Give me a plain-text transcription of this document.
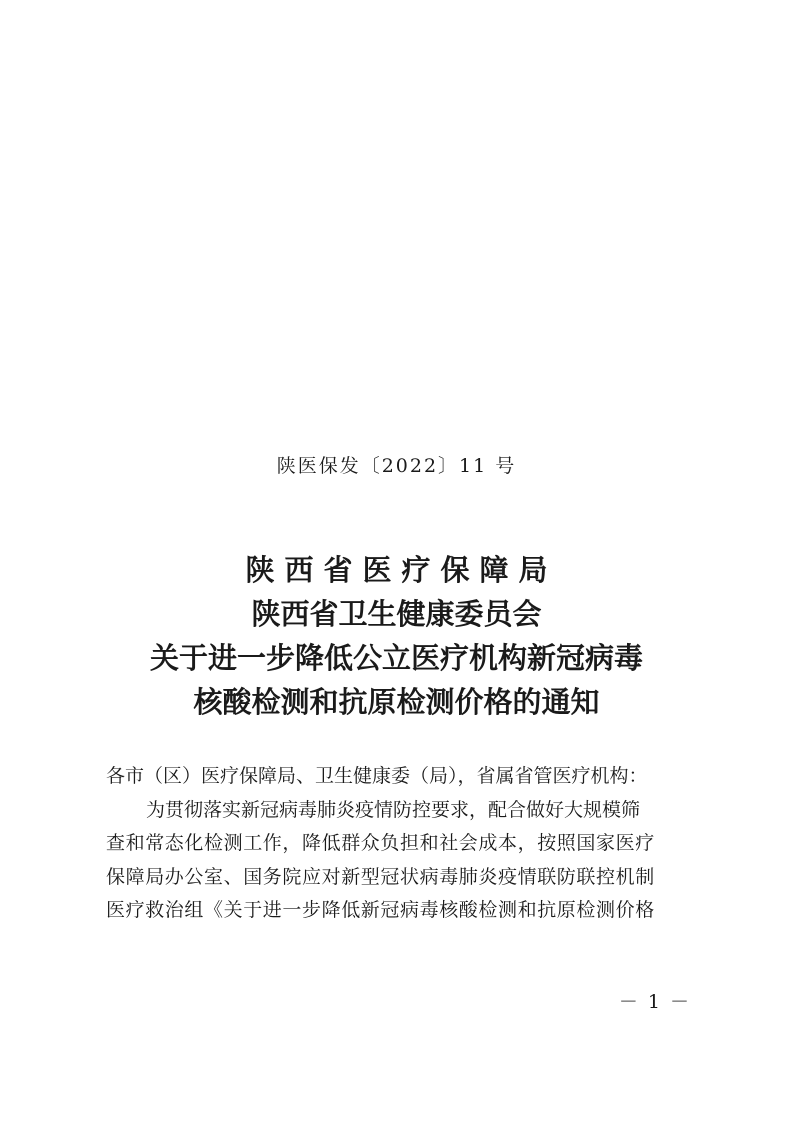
陕医保发〔2022〕11 号
陕西省医疗保障局
陕西省卫生健康委员会
关于进一步降低公立医疗机构新冠病毒
核酸检测和抗原检测价格的通知

各市（区）医疗保障局、卫生健康委（局），省属省管医疗机构：

为贯彻落实新冠病毒肺炎疫情防控要求，配合做好大规模筛

查和常态化检测工作，降低群众负担和社会成本，按照国家医疗

保障局办公室、国务院应对新型冠状病毒肺炎疫情联防联控机制

医疗救治组《关于进一步降低新冠病毒核酸检测和抗原检测价格

－ 1 －
